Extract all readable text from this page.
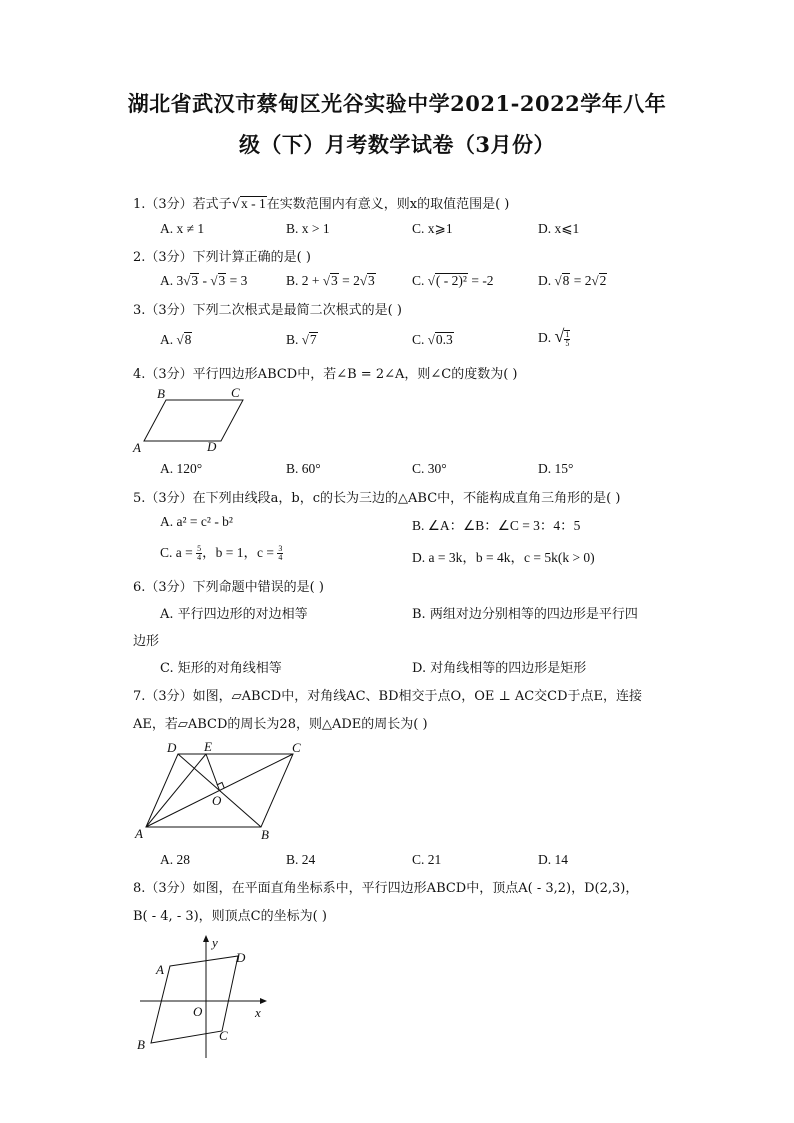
湖北省武汉市蔡甸区光谷实验中学2021-2022学年八年
级（下）月考数学试卷（3月份）
1.（3分）若式子√x - 1在实数范围内有意义，则x的取值范围是( )
A. x ≠ 1	B. x > 1	C. x⩾1	D. x⩽1
2.（3分）下列计算正确的是( )
A. 3√3 - √3 = 3	B. 2 + √3 = 2√3	C. √( - 2)² = -2	D. √8 = 2√2
3.（3分）下列二次根式是最简二次根式的是( )
A. √8	B. √7	C. √0.3	D. √ $\frac{1}{5}$
4.（3分）平行四边形ABCD中，若∠B = 2∠A，则∠C的度数为( )
A
B	C
D
A. 120°	B. 60°	C. 30°	D. 15°
5.（3分）在下列由线段a，b，c的长为三边的△ABC中，不能构成直角三角形的是( )
A. a² = c² - b²	B. ∠A：∠B：∠C = 3：4：5
C. $a = \frac{5}{4}$ ，b = 1，$c = \frac{3}{4}$	D. a = 3k，b = 4k，c = 5k(k > 0)
6.（3分）下列命题中错误的是( )
A. 平行四边形的对边相等	B. 两组对边分别相等的四边形是平行四
边形
C. 矩形的对角线相等	D. 对角线相等的四边形是矩形
7.（3分）如图，▱ABCD中，对角线AC、BD相交于点O，OE ⊥ AC交CD于点E，连接
AE，若▱ABCD的周长为28，则△ADE的周长为( )
D E	C
O
A	B
A. 28	B. 24	C. 21	D. 14
8.（3分）如图，在平面直角坐标系中，平行四边形ABCD中，顶点A( - 3,2)，D(2,3)，
B( - 4, - 3)，则顶点C的坐标为( )
y
x
O
A
D
B
C
